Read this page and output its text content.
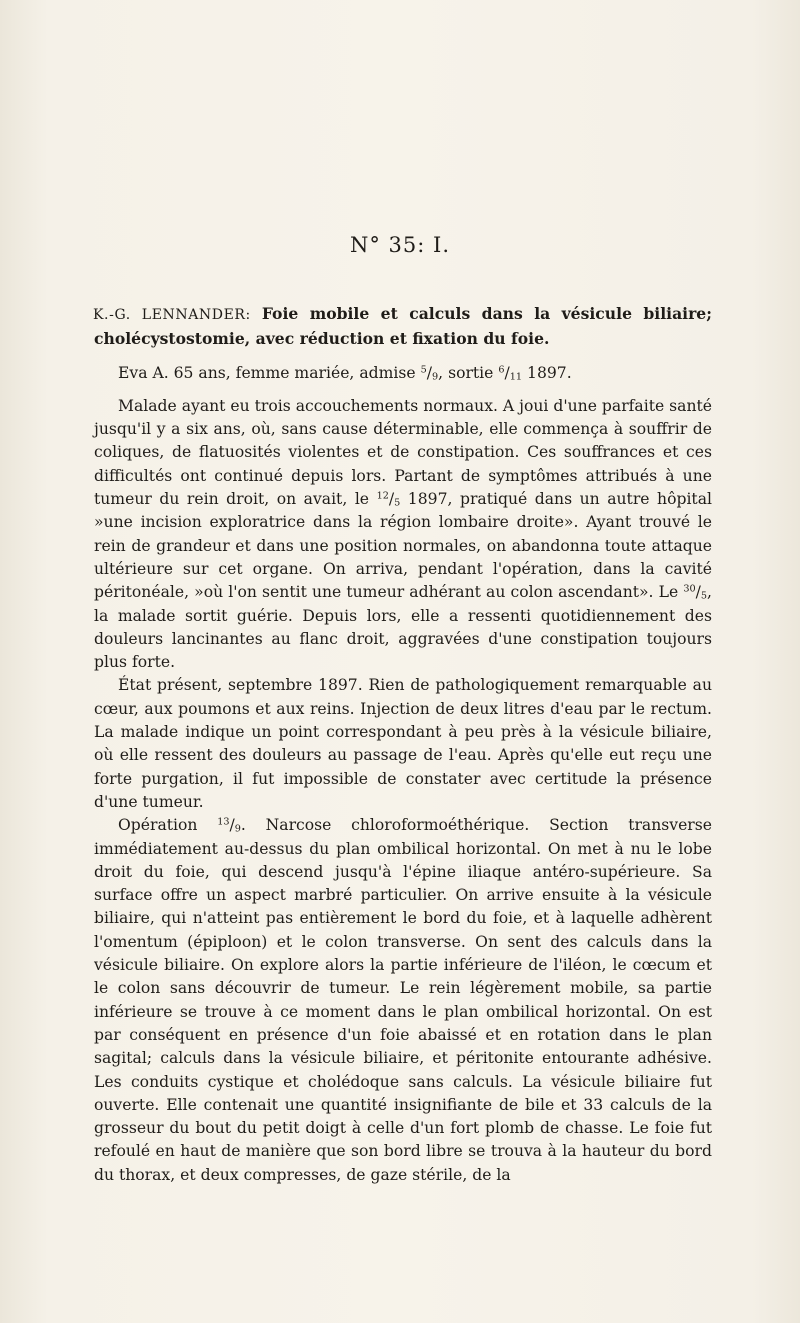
N° 35: I.

K.-G. LENNANDER: Foie mobile et calculs dans la vésicule biliaire; cholécystostomie, avec réduction et fixation du foie.

Eva A. 65 ans, femme mariée, admise $^5/_9$, sortie $^6/_{11}$ 1897.

Malade ayant eu trois accouchements normaux. A joui d'une parfaite santé jusqu'il y a six ans, où, sans cause déterminable, elle commença à souffrir de coliques, de flatuosités violentes et de constipation. Ces souffrances et ces difficultés ont continué depuis lors. Partant de symptômes attribués à une tumeur du rein droit, on avait, le $^{12}/_5$ 1897, pratiqué dans un autre hôpital »une incision exploratrice dans la région lombaire droite». Ayant trouvé le rein de grandeur et dans une position normales, on abandonna toute attaque ultérieure sur cet organe. On arriva, pendant l'opération, dans la cavité péritonéale, »où l'on sentit une tumeur adhérant au colon ascendant». Le $^{30}/_5$, la malade sortit guérie. Depuis lors, elle a ressenti quotidiennement des douleurs lancinantes au flanc droit, aggravées d'une constipation toujours plus forte.

État présent, septembre 1897. Rien de pathologiquement remarquable au cœur, aux poumons et aux reins. Injection de deux litres d'eau par le rectum. La malade indique un point correspondant à peu près à la vésicule biliaire, où elle ressent des douleurs au passage de l'eau. Après qu'elle eut reçu une forte purgation, il fut impossible de constater avec certitude la présence d'une tumeur.

Opération $^{13}/_9$. Narcose chloroformoéthérique. Section transverse immédiatement au-dessus du plan ombilical horizontal. On met à nu le lobe droit du foie, qui descend jusqu'à l'épine iliaque antéro-supérieure. Sa surface offre un aspect marbré particulier. On arrive ensuite à la vésicule biliaire, qui n'atteint pas entièrement le bord du foie, et à laquelle adhèrent l'omentum (épiploon) et le colon transverse. On sent des calculs dans la vésicule biliaire. On explore alors la partie inférieure de l'iléon, le cœcum et le colon sans découvrir de tumeur. Le rein légèrement mobile, sa partie inférieure se trouve à ce moment dans le plan ombilical horizontal. On est par conséquent en présence d'un foie abaissé et en rotation dans le plan sagital; calculs dans la vésicule biliaire, et péritonite entourante adhésive. Les conduits cystique et cholédoque sans calculs. La vésicule biliaire fut ouverte. Elle contenait une quantité insignifiante de bile et 33 calculs de la grosseur du bout du petit doigt à celle d'un fort plomb de chasse. Le foie fut refoulé en haut de manière que son bord libre se trouva à la hauteur du bord du thorax, et deux compresses, de gaze stérile, de la
